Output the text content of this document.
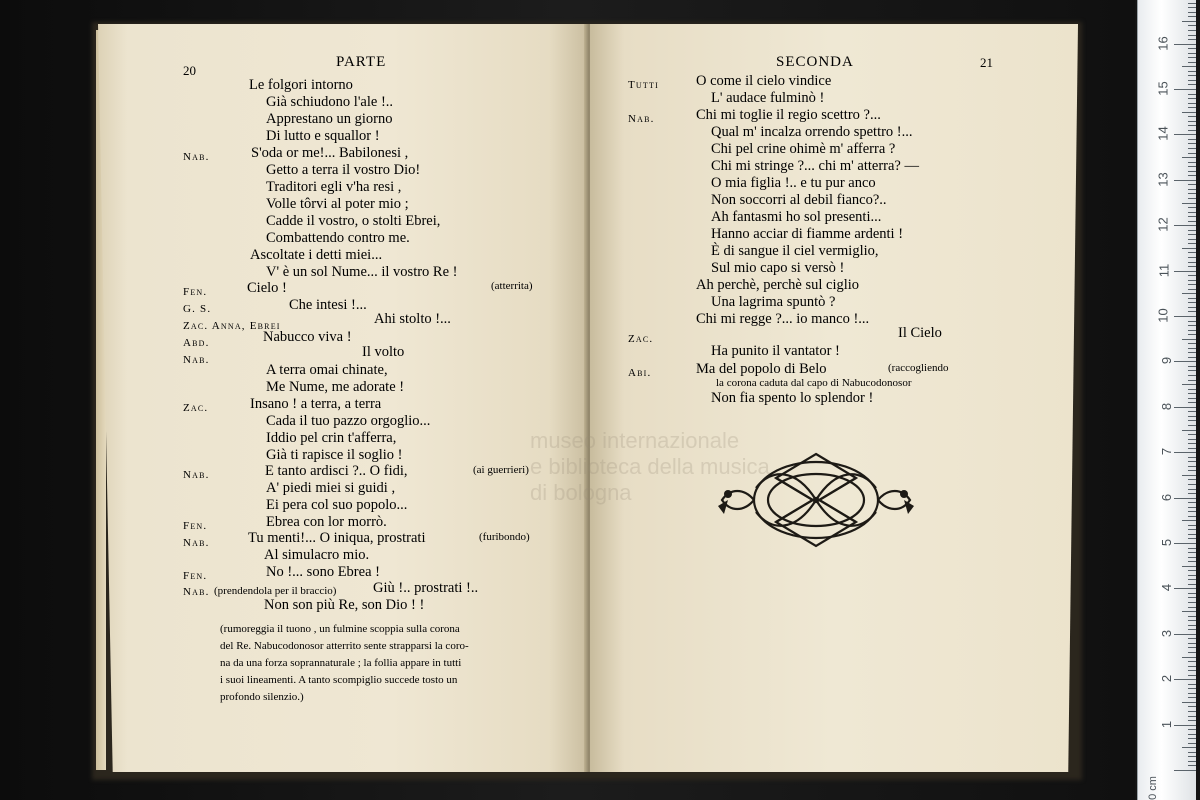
0 cm
1
2
3
4
5
6
7
8
9
10
11
12
13
14
15
16
20
PARTE
Le folgori intorno
Già schiudono l'ale !..
Apprestano un giorno
Di lutto e squallor !
Nab.	S'oda or me!... Babilonesi ,
Getto a terra il vostro Dio!
Traditori egli v'ha resi ,
Volle tôrvi al poter mio ;
Cadde il vostro, o stolti Ebrei,
Combattendo contro me.
Ascoltate i detti miei...
V' è un sol Nume... il vostro Re !
Fen.	Cielo !	(atterrita)
G. S.	Che intesi !...
Zac. Anna, Ebrei	Ahi stolto !...
Abd.	Nabucco viva !
Nab.	Il volto
A terra omai chinate,
Me Nume, me adorate !
Zac.	Insano ! a terra, a terra
Cada il tuo pazzo orgoglio...
Iddio pel crin t'afferra,
Già ti rapisce il soglio !
Nab.	E tanto ardisci ?.. O fidi,	(ai guerrieri)
A' piedi miei si guidi ,
Ei pera col suo popolo...
Fen.	Ebrea con lor morrò.
Nab.	Tu menti!... O iniqua, prostrati	(furibondo)
Al simulacro mio.
Fen.	No !... sono Ebrea !
Nab. (prendendola per il braccio)	Giù !.. prostrati !..
Non son più Re, son Dio ! !
(rumoreggia il tuono , un fulmine scoppia sulla corona
del Re. Nabucodonosor atterrito sente strapparsi la coro-
na da una forza soprannaturale ; la follia appare in tutti
i suoi lineamenti. A tanto scompiglio succede tosto un
profondo silenzio.)
museo internazionale
e biblioteca della musica
di bologna
SECONDA	21
Tutti	O come il cielo vindice
L' audace fulminò !
Nab.	Chi mi toglie il regio scettro ?...
Qual m' incalza orrendo spettro !...
Chi pel crine ohimè m' afferra ?
Chi mi stringe ?... chi m' atterra? —
O mia figlia !.. e tu pur anco
Non soccorri al debil fianco?..
Ah fantasmi ho sol presenti...
Hanno acciar di fiamme ardenti !
È di sangue il ciel vermiglio,
Sul mio capo si versò !
Ah perchè, perchè sul ciglio
Una lagrima spuntò ?
Chi mi regge ?... io manco !...
Zac.	Il Cielo
Ha punito il vantator !
Abi.	Ma del popolo di Belo	(raccogliendo
la corona caduta dal capo di Nabucodonosor
Non fia spento lo splendor !
